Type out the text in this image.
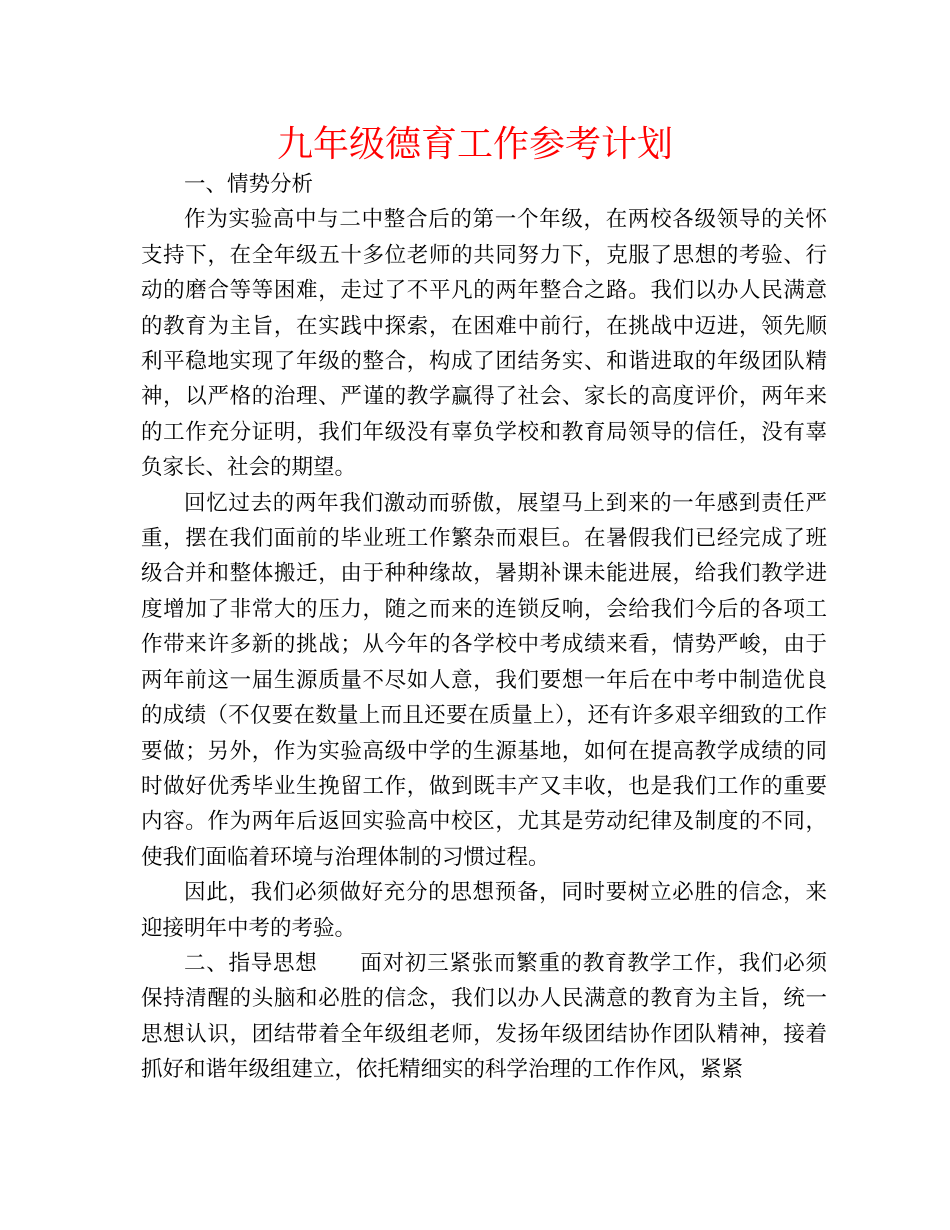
九年级德育工作参考计划

一、情势分析

作为实验高中与二中整合后的第一个年级，在两校各级领导的关怀支持下，在全年级五十多位老师的共同努力下，克服了思想的考验、行动的磨合等等困难，走过了不平凡的两年整合之路。我们以办人民满意的教育为主旨，在实践中探索，在困难中前行，在挑战中迈进，领先顺利平稳地实现了年级的整合，构成了团结务实、和谐进取的年级团队精神，以严格的治理、严谨的教学赢得了社会、家长的高度评价，两年来的工作充分证明，我们年级没有辜负学校和教育局领导的信任，没有辜负家长、社会的期望。

回忆过去的两年我们激动而骄傲，展望马上到来的一年感到责任严重，摆在我们面前的毕业班工作繁杂而艰巨。在暑假我们已经完成了班级合并和整体搬迁，由于种种缘故，暑期补课未能进展，给我们教学进度增加了非常大的压力，随之而来的连锁反响，会给我们今后的各项工作带来许多新的挑战；从今年的各学校中考成绩来看，情势严峻，由于两年前这一届生源质量不尽如人意，我们要想一年后在中考中制造优良的成绩（不仅要在数量上而且还要在质量上），还有许多艰辛细致的工作要做；另外，作为实验高级中学的生源基地，如何在提高教学成绩的同时做好优秀毕业生挽留工作，做到既丰产又丰收，也是我们工作的重要内容。作为两年后返回实验高中校区，尤其是劳动纪律及制度的不同，使我们面临着环境与治理体制的习惯过程。

因此，我们必须做好充分的思想预备，同时要树立必胜的信念，来迎接明年中考的考验。

二、指导思想 面对初三紧张而繁重的教育教学工作，我们必须保持清醒的头脑和必胜的信念，我们以办人民满意的教育为主旨，统一思想认识，团结带着全年级组老师，发扬年级团结协作团队精神，接着抓好和谐年级组建立，依托精细实的科学治理的工作作风，紧紧
